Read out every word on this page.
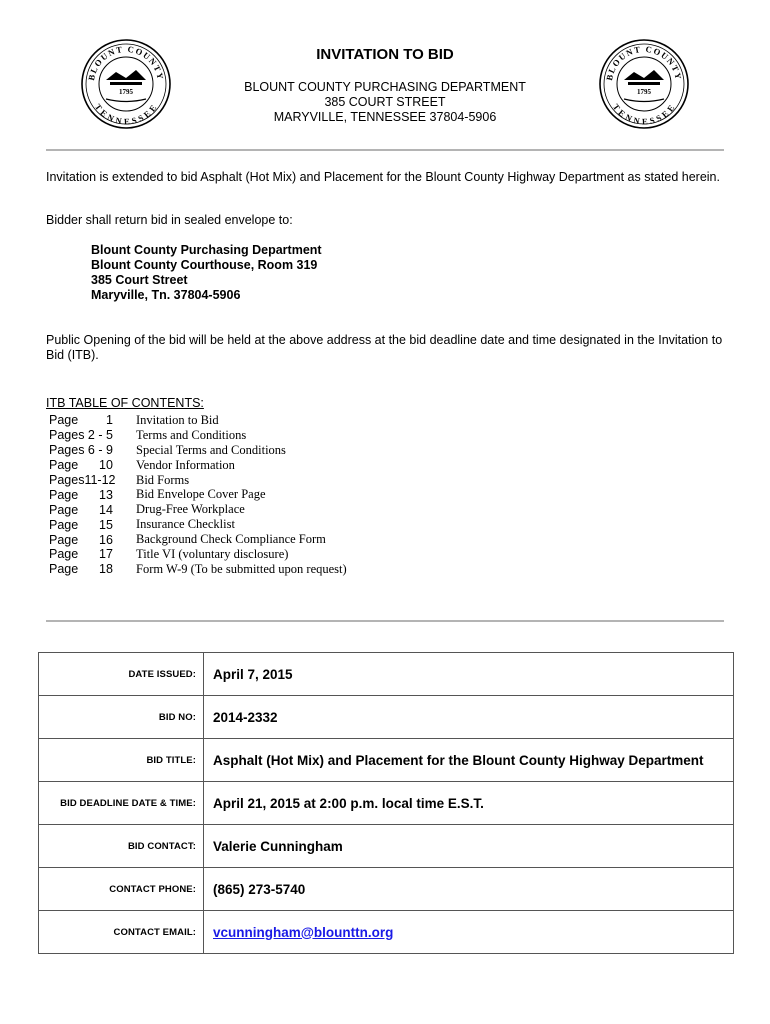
BLOUNT COUNTY
TENNESSEE
1795
BLOUNT COUNTY
TENNESSEE
1795
INVITATION TO BID
BLOUNT COUNTY PURCHASING DEPARTMENT
385 COURT STREET
MARYVILLE, TENNESSEE 37804-5906
Invitation is extended to bid Asphalt (Hot Mix) and Placement for the Blount County Highway Department as stated herein.
Bidder shall return bid in sealed envelope to:
Blount County Purchasing Department
Blount County Courthouse, Room 319
385 Court Street
Maryville, Tn. 37804-5906
Public Opening of the bid will be held at the above address at the bid deadline date and time designated in the Invitation to Bid (ITB).
ITB TABLE OF CONTENTS:
Page        1	Invitation to Bid
Pages 2 - 5	Terms and Conditions
Pages 6 - 9	Special Terms and Conditions
Page      10	Vendor Information
Pages11-12	Bid Forms
Page      13	Bid Envelope Cover Page
Page      14	Drug-Free Workplace
Page      15	Insurance Checklist
Page      16	Background Check Compliance Form
Page      17	Title VI (voluntary disclosure)
Page      18	Form W-9 (To be submitted upon request)
DATE ISSUED:	April 7, 2015
BID NO:	2014-2332
BID TITLE:	Asphalt (Hot Mix) and Placement for the Blount County Highway Department
BID DEADLINE DATE & TIME:	April 21, 2015 at 2:00 p.m. local time E.S.T.
BID CONTACT:	Valerie Cunningham
CONTACT PHONE:	(865) 273-5740
CONTACT EMAIL:	vcunningham@blounttn.org
